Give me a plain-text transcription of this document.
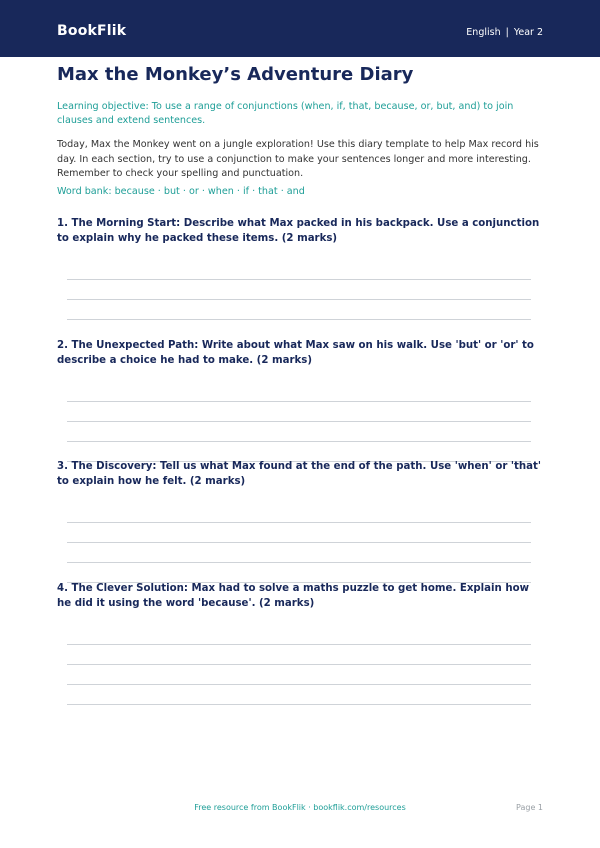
BookFlik	English | Year 2
Max the Monkey’s Adventure Diary

Learning objective: To use a range of conjunctions (when, if, that, because, or, but, and) to join clauses and extend sentences.

Today, Max the Monkey went on a jungle exploration! Use this diary template to help Max record his day. In each section, try to use a conjunction to make your sentences longer and more interesting. Remember to check your spelling and punctuation.

Word bank: because · but · or · when · if · that · and

1. The Morning Start: Describe what Max packed in his backpack. Use a conjunction to explain why he packed these items. (2 marks)

2. The Unexpected Path: Write about what Max saw on his walk. Use 'but' or 'or' to describe a choice he had to make. (2 marks)

3. The Discovery: Tell us what Max found at the end of the path. Use 'when' or 'that' to explain how he felt. (2 marks)

4. The Clever Solution: Max had to solve a maths puzzle to get home. Explain how he did it using the word 'because'. (2 marks)

Free resource from BookFlik · bookflik.com/resources	Page 1
